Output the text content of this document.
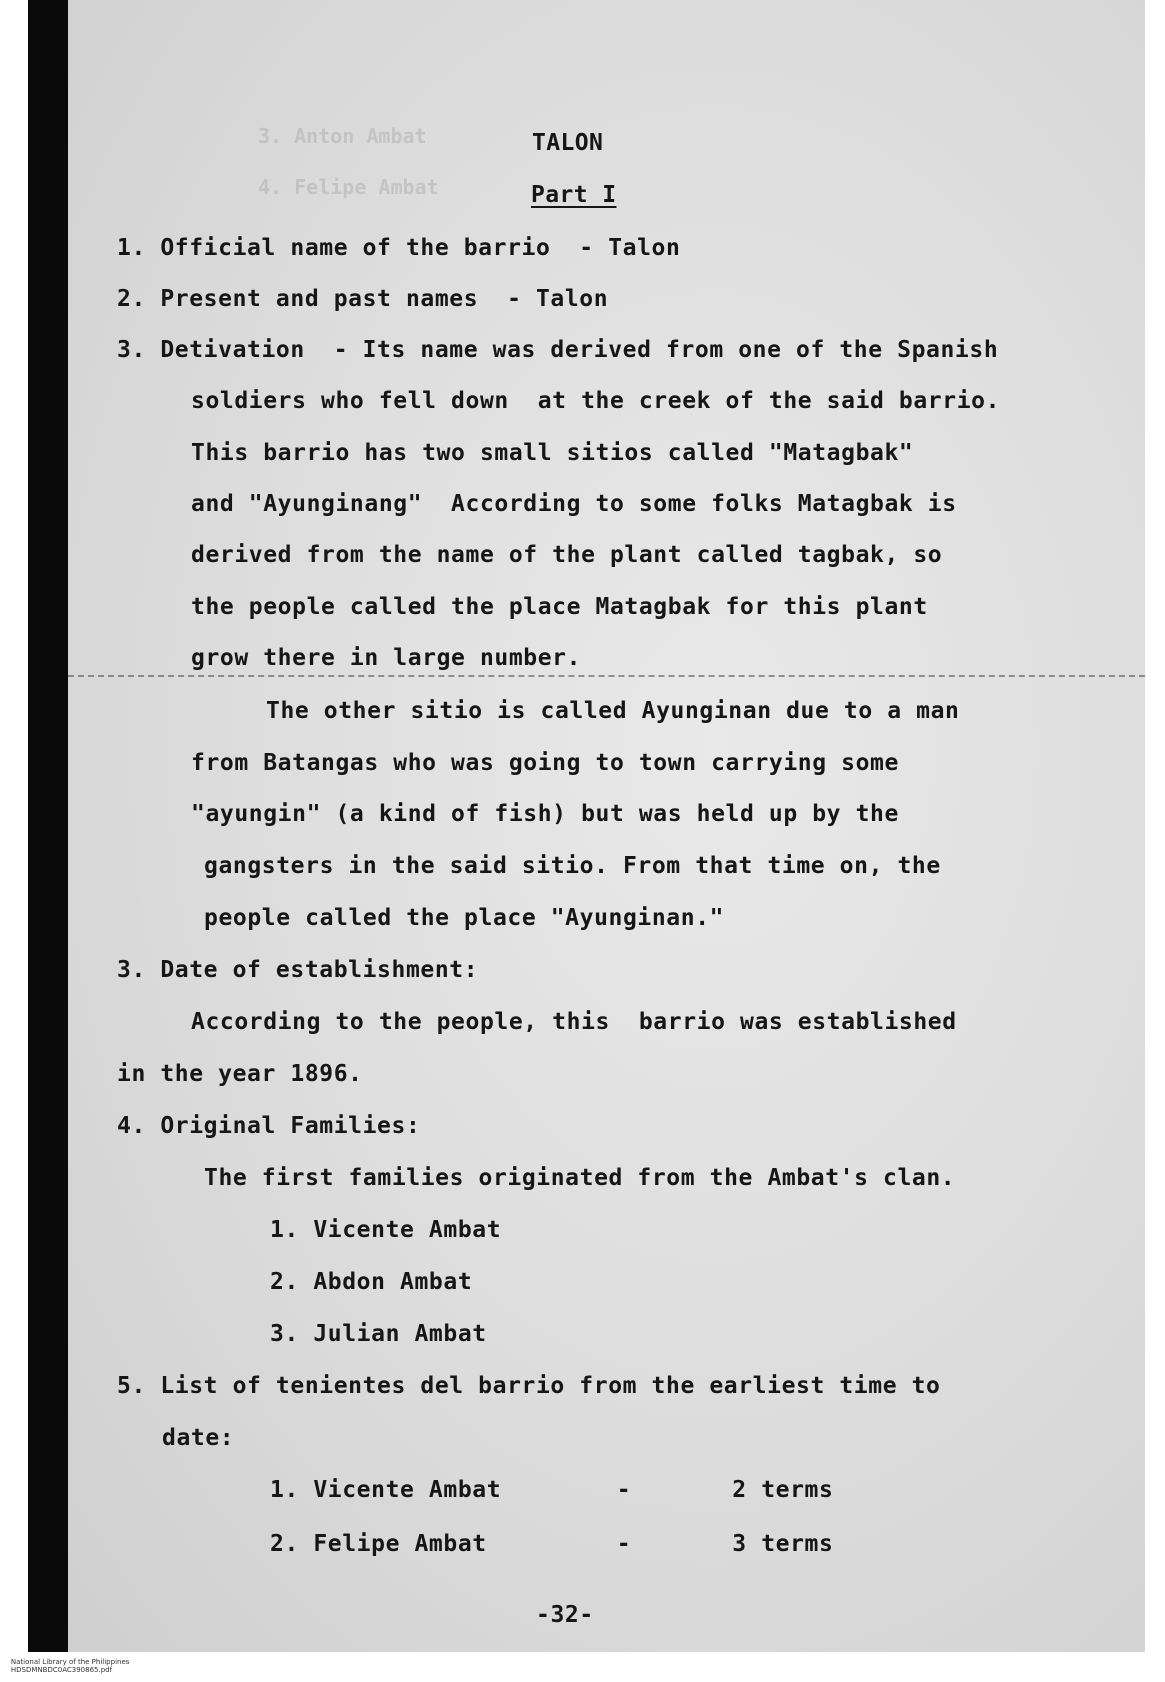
3. Anton Ambat
4. Felipe Ambat
TALON
Part I
1. Official name of the barrio  - Talon
2. Present and past names  - Talon
3. Detivation  - Its name was derived from one of the Spanish
soldiers who fell down  at the creek of the said barrio.
This barrio has two small sitios called "Matagbak"
and "Ayunginang"  According to some folks Matagbak is
derived from the name of the plant called tagbak, so
the people called the place Matagbak for this plant
grow there in large number.
The other sitio is called Ayunginan due to a man
from Batangas who was going to town carrying some
"ayungin" (a kind of fish) but was held up by the
gangsters in the said sitio. From that time on, the
people called the place "Ayunginan."
3. Date of establishment:
According to the people, this  barrio was established
in the year 1896.
4. Original Families:
The first families originated from the Ambat's clan.
1. Vicente Ambat
2. Abdon Ambat
3. Julian Ambat
5. List of tenientes del barrio from the earliest time to
date:
1. Vicente Ambat        -       2 terms
2. Felipe Ambat         -       3 terms
-32-

National Library of the Philippines
HDSDMNBDC0AC390865.pdf
